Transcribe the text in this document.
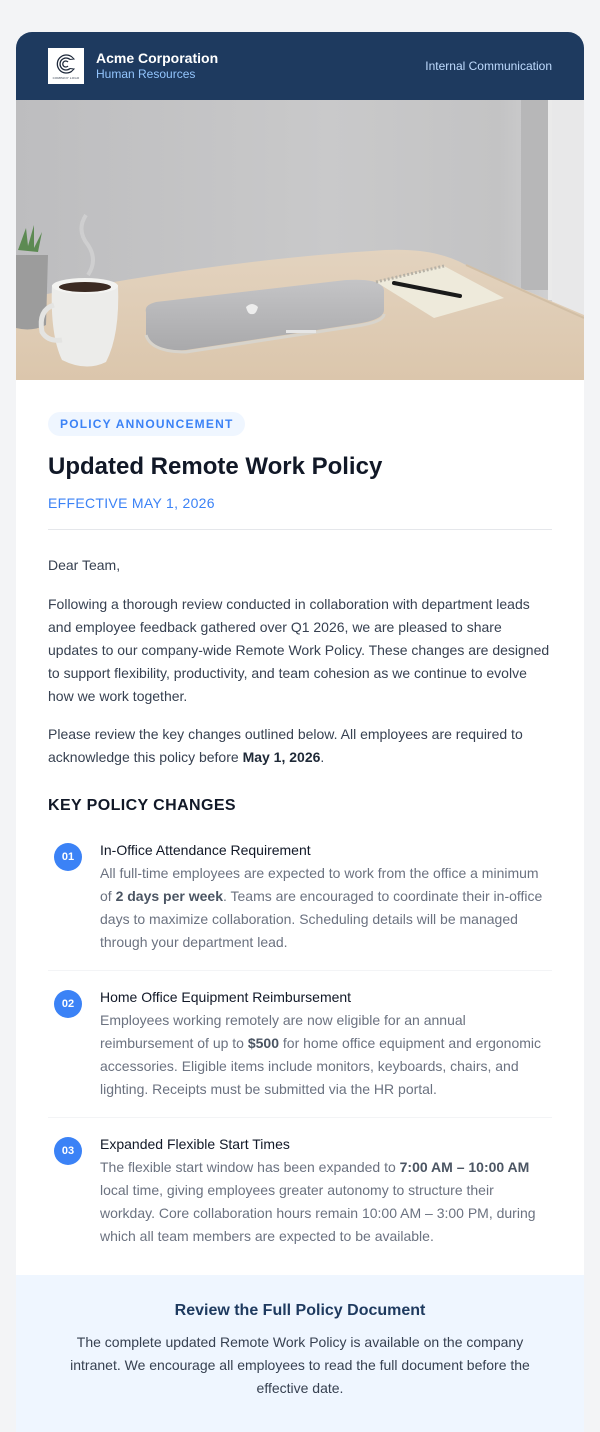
COMPANY LOGO
Acme Corporation
Human Resources
Internal Communication
POLICY ANNOUNCEMENT
Updated Remote Work Policy
EFFECTIVE MAY 1, 2026

Dear Team,

Following a thorough review conducted in collaboration with department leads and employee feedback gathered over Q1 2026, we are pleased to share updates to our company-wide Remote Work Policy. These changes are designed to support flexibility, productivity, and team cohesion as we continue to evolve how we work together.

Please review the key changes outlined below. All employees are required to acknowledge this policy before May 1, 2026.

KEY POLICY CHANGES
01	In-Office Attendance Requirement
All full-time employees are expected to work from the office a minimum of 2 days per week. Teams are encouraged to coordinate their in-office days to maximize collaboration. Scheduling details will be managed through your department lead.
02	Home Office Equipment Reimbursement
Employees working remotely are now eligible for an annual reimbursement of up to $500 for home office equipment and ergonomic accessories. Eligible items include monitors, keyboards, chairs, and lighting. Receipts must be submitted via the HR portal.
03	Expanded Flexible Start Times
The flexible start window has been expanded to 7:00 AM – 10:00 AM local time, giving employees greater autonomy to structure their workday. Core collaboration hours remain 10:00 AM – 3:00 PM, during which all team members are expected to be available.
Review the Full Policy Document
The complete updated Remote Work Policy is available on the company intranet. We encourage all employees to read the full document before the effective date.
